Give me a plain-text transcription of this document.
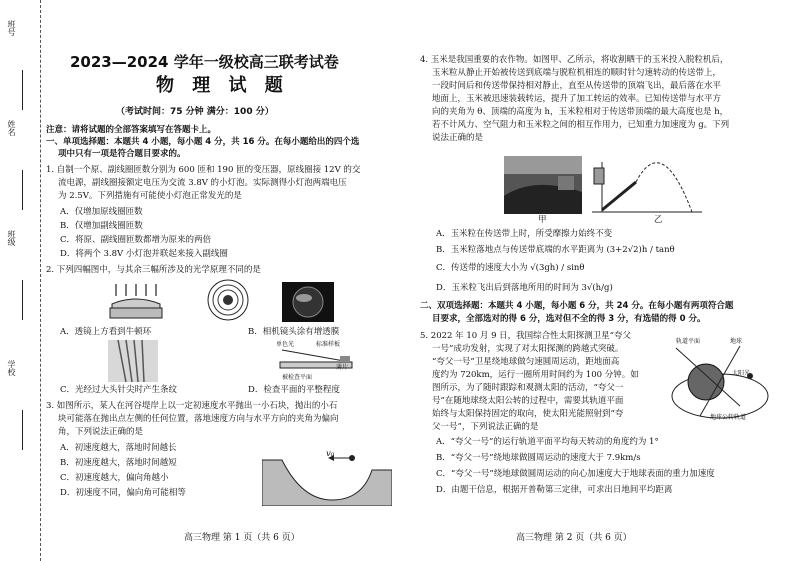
班号
姓名
班级
学校
2023—2024 学年一级校高三联考试卷
物 理 试 题
（考试时间：75 分钟 满分：100 分）
注意：请将试题的全部答案填写在答题卡上。
一、单项选择题：本题共 4 小题，每小题 4 分，共 16 分。在每小题给出的四个选
项中只有一项是符合题目要求的。
1. 自制一个原、副线圈匝数分别为 600 匝和 190 匝的变压器，原线圈接 12V 的交
流电源，副线圈接额定电压为交流 3.8V 的小灯泡。实际测得小灯泡两端电压
为 2.5V。下列措施有可能使小灯泡正常发光的是
A．仅增加原线圈匝数
B．仅增加副线圈匝数
C．将原、副线圈匝数都增为原来的两倍
D．将两个 3.8V 小灯泡并联起来接入副线圈
2. 下列四幅图中，与其余三幅所涉及的光学原理不同的是
A．透镜上方看到牛顿环	B．相机镜头涂有增透膜
单色光	标准样板
被检查平面
薄片
C．光经过大头针尖时产生条纹	D．检查平面的平整程度
3. 如图所示，某人在河谷堤岸上以一定初速度水平抛出一小石块，抛出的小石
块可能落在抛出点左侧的任何位置，落地速度方向与水平方向的夹角为偏向
角，下列说法正确的是
A．初速度越大，落地时间越长
B．初速度越大，落地时间越短
C．初速度越大，偏向角越小
D．初速度不同，偏向角可能相等
v₀
高三物理 第 1 页（共 6 页）
4. 玉米是我国重要的农作物。如图甲、乙所示，将收割晒干的玉米投入脱粒机后，
玉米粒从静止开始被传送到底端与脱粒机相连的顺时针匀速转动的传送带上，
一段时间后和传送带保持相对静止，直至从传送带的顶端飞出，最后落在水平
地面上，玉米被迅速装载转运，提升了加工转运的效率。已知传送带与水平方
向的夹角为 θ、顶端的高度为 h，玉米粒相对于传送带顶端的最大高度也是 h，
若不计风力、空气阻力和玉米粒之间的相互作用力，已知重力加速度为 g。下列
说法正确的是
甲	乙
A．玉米粒在传送带上时，所受摩擦力始终不变
B．玉米粒落地点与传送带底端的水平距离为 (3+2√2)h / tanθ
C．传送带的速度大小为 √(3gh) / sinθ
D．玉米粒飞出后到落地所用的时间为 3√(h/g)
二、双项选择题：本题共 4 小题，每小题 6 分，共 24 分。在每小题有两项符合题
目要求，全部选对的得 6 分，选对但不全的得 3 分，有选错的得 0 分。
5. 2022 年 10 月 9 日，我国综合性太阳探测卫星“夸父
一号”成功发射，实现了对太阳探测的跨越式突破。
“夸父一号”卫星绕地球做匀速圆周运动，距地面高
度约为 720km，运行一圈所用时间约为 100 分钟。如
图所示，为了随时跟踪和观测太阳的活动，“夸父一
号”在随地球绕太阳公转的过程中，需要其轨道平面
始终与太阳保持固定的取向，使太阳光能照射到“夸
父一号”，下列说法正确的是
轨道平面	地球
太阳光
地球公转轨道
A．“夸父一号”的运行轨道平面平均每天转动的角度约为 1°
B．“夸父一号”绕地球做圆周运动的速度大于 7.9km/s
C．“夸父一号”绕地球做圆周运动的向心加速度大于地球表面的重力加速度
D．由题干信息，根据开普勒第三定律，可求出日地间平均距离
高三物理 第 2 页（共 6 页）
